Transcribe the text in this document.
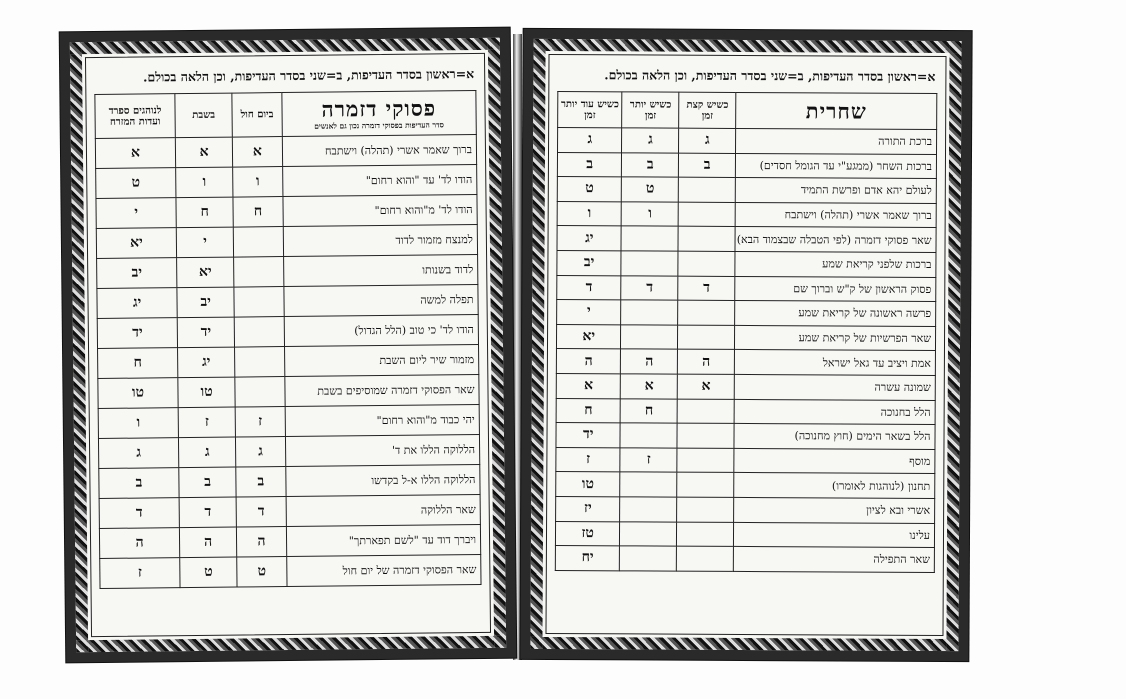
א=ראשון בסדר העדיפות, ב=שני בסדר העדיפות, וכן הלאה בכולם.
פסוקי דזמרה
סדר העדיפות בפסוקי דזמרה נכון גם לאנשים	ביום חול	בשבת	לנוהגים ספרד ועדות המזרח
ברוך שאמר אשרי (תהלה) וישתבח	א	א	א
הודו לד' עד "והוא רחום"	ו	ו	ט
הודו לד' מ"והוא רחום"	ח	ח	י
למנצח מזמור לדוד		י	יא
לדוד בשנותו		יא	יב
תפלה למשה		יב	יג
הודו לד' כי טוב (הלל הגדול)		יד	יד
מזמור שיר ליום השבת		יג	ח
שאר הפסוקי דזמרה שמוסיפים בשבת		טו	טו
יהי כבוד מ"והוא רחום"	ז	ז	ו
הללוקה הללו את ד'	ג	ג	ג
הללוקה הללו א-ל בקדשו	ב	ב	ב
שאר הללוקה	ד	ד	ד
ויברך דוד עד "לשם תפארתך"	ה	ה	ה
שאר הפסוקי דזמרה של יום חול	ט	ט	ז
א=ראשון בסדר העדיפות, ב=שני בסדר העדיפות, וכן הלאה בכולם.
שחרית	כשיש קצת זמן	כשיש יותר זמן	כשיש עוד יותר זמן
ברכת התורה	ג	ג	ג
ברכות השחר (ממגע"י עד הגומל חסדים)	ב	ב	ב
לעולם יהא אדם ופרשת התמיד		ט	ט
ברוך שאמר אשרי (תהלה) וישתבח		ו	ו
שאר פסוקי דזמרה (לפי הטבלה שבצמוד הבא)			יג
ברכות שלפני קריאת שמע			יב
פסוק הראשון של ק"ש וברוך שם	ד	ד	ד
פרשה ראשונה של קריאת שמע			י
שאר הפרשיות של קריאת שמע			יא
אמת ויציב עד גאל ישראל	ה	ה	ה
שמונה עשרה	א	א	א
הלל בחנוכה		ח	ח
הלל בשאר הימים (חוץ מחנוכה)			יד
מוסף		ז	ז
תחנון (לנוהגות לאומרו)			טו
אשרי ובא לציון			יז
עלינו			טז
שאר התפילה			יח
